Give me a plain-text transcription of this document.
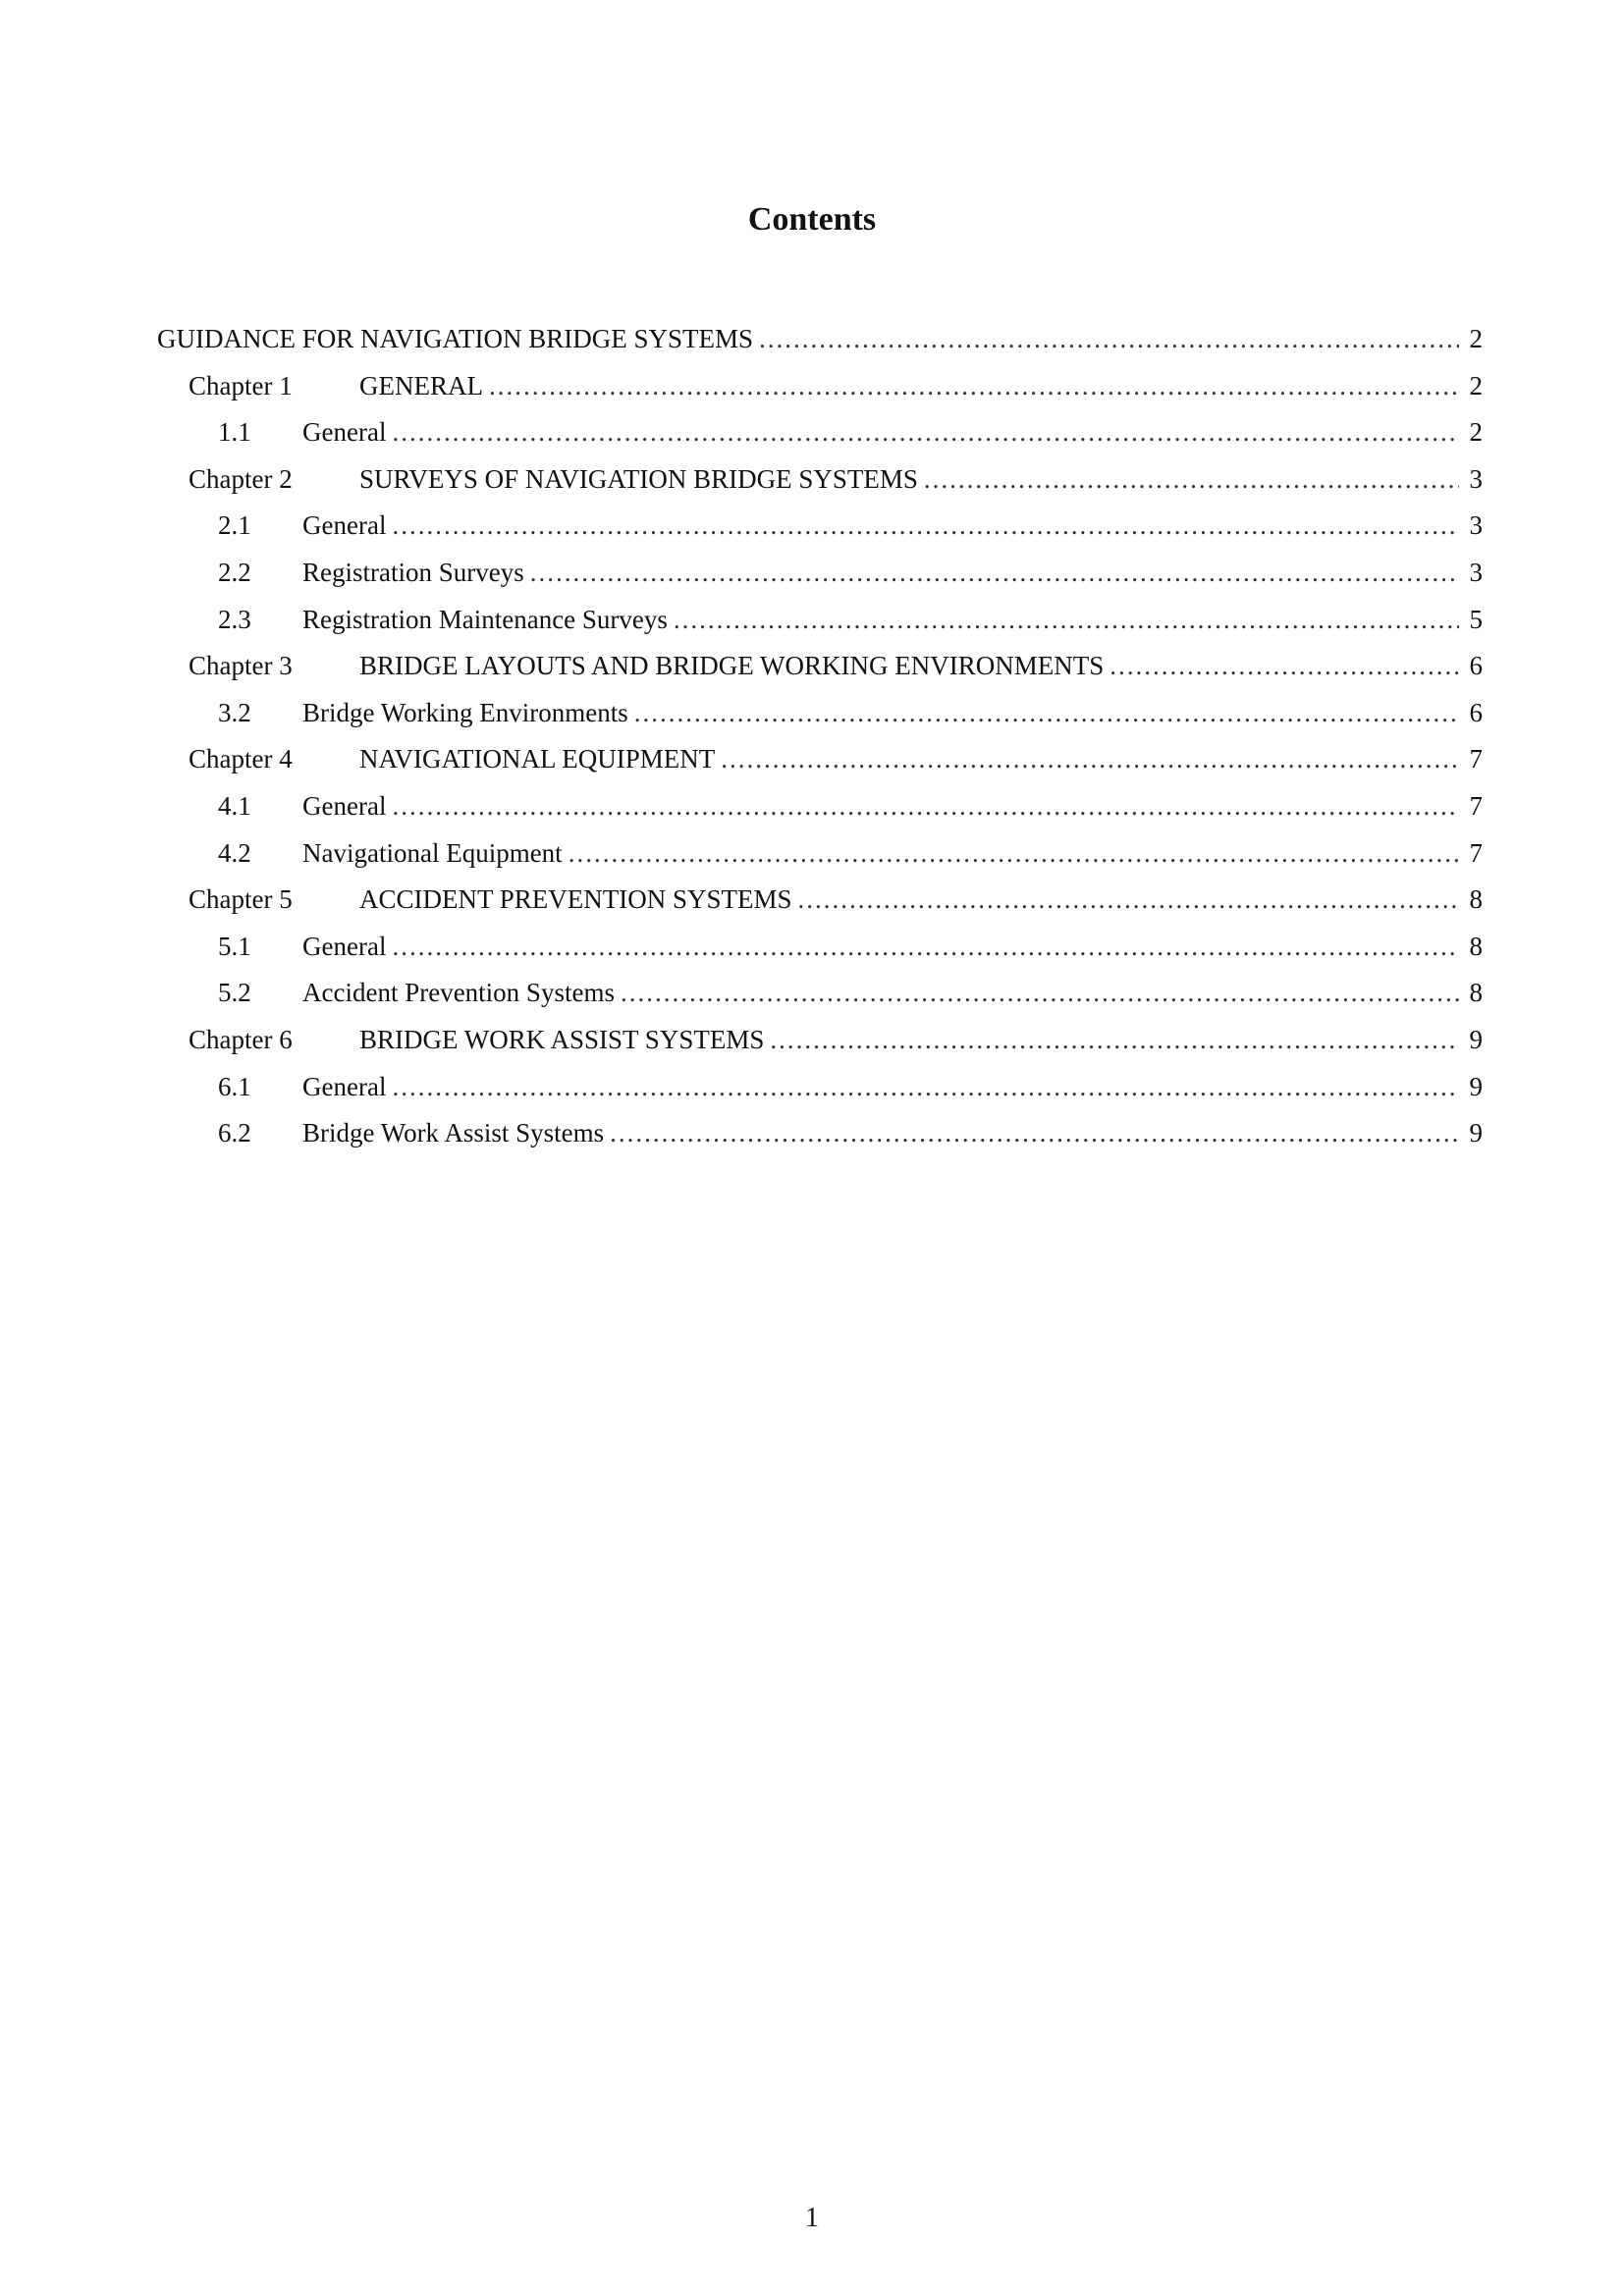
Contents
GUIDANCE FOR NAVIGATION BRIDGE SYSTEMS .....	2
Chapter 1	GENERAL .....	2
1.1	General .....	2
Chapter 2	SURVEYS OF NAVIGATION BRIDGE SYSTEMS .....	3
2.1	General .....	3
2.2	Registration Surveys .....	3
2.3	Registration Maintenance Surveys .....	5
Chapter 3	BRIDGE LAYOUTS AND BRIDGE WORKING ENVIRONMENTS .....	6
3.2	Bridge Working Environments .....	6
Chapter 4	NAVIGATIONAL EQUIPMENT .....	7
4.1	General .....	7
4.2	Navigational Equipment .....	7
Chapter 5	ACCIDENT PREVENTION SYSTEMS .....	8
5.1	General .....	8
5.2	Accident Prevention Systems .....	8
Chapter 6	BRIDGE WORK ASSIST SYSTEMS .....	9
6.1	General .....	9
6.2	Bridge Work Assist Systems .....	9
1
